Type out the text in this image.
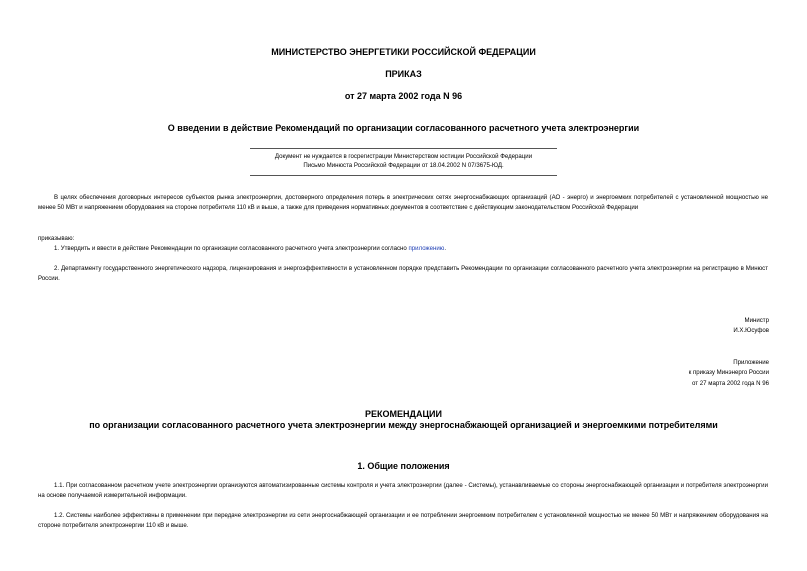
МИНИСТЕРСТВО ЭНЕРГЕТИКИ РОССИЙСКОЙ ФЕДЕРАЦИИ
ПРИКАЗ
от 27 марта 2002 года N 96
О введении в действие Рекомендаций по организации согласованного расчетного учета электроэнергии
Документ не нуждается в госрегистрации Министерством юстиции Российской Федерации
Письмо Минюста Российской Федерации от 18.04.2002 N 07/3675-ЮД.
В целях обеспечения договорных интересов субъектов рынка электроэнергии, достоверного определения потерь в электрических сетях энергоснабжающих организаций (АО - энерго) и энергоемких потребителей с установленной мощностью не менее 50 МВт и напряжением оборудования на стороне потребителя 110 кВ и выше, а также для приведения нормативных документов в соответствие с действующим законодательством Российской Федерации
приказываю:
1. Утвердить и ввести в действие Рекомендации по организации согласованного расчетного учета электроэнергии согласно приложению.
2. Департаменту государственного энергетического надзора, лицензирования и энергоэффективности в установленном порядке представить Рекомендации по организации согласованного расчетного учета электроэнергии на регистрацию в Минюст России.
Министр
И.Х.Юсуфов
Приложение
к приказу Минэнерго России
от 27 марта 2002 года N 96
РЕКОМЕНДАЦИИ
по организации согласованного расчетного учета электроэнергии между энергоснабжающей организацией и энергоемкими потребителями
1. Общие положения
1.1. При согласованном расчетном учете электроэнергии организуются автоматизированные системы контроля и учета электроэнергии (далее - Системы), устанавливаемые со стороны энергоснабжающей организации и потребителя электроэнергии на основе получаемой измерительной информации.
1.2. Системы наиболее эффективны в применении при передаче электроэнергии из сети энергоснабжающей организации и ее потреблении энергоемким потребителем с установленной мощностью не менее 50 МВт и напряжением оборудования на стороне потребителя электроэнергии 110 кВ и выше.
